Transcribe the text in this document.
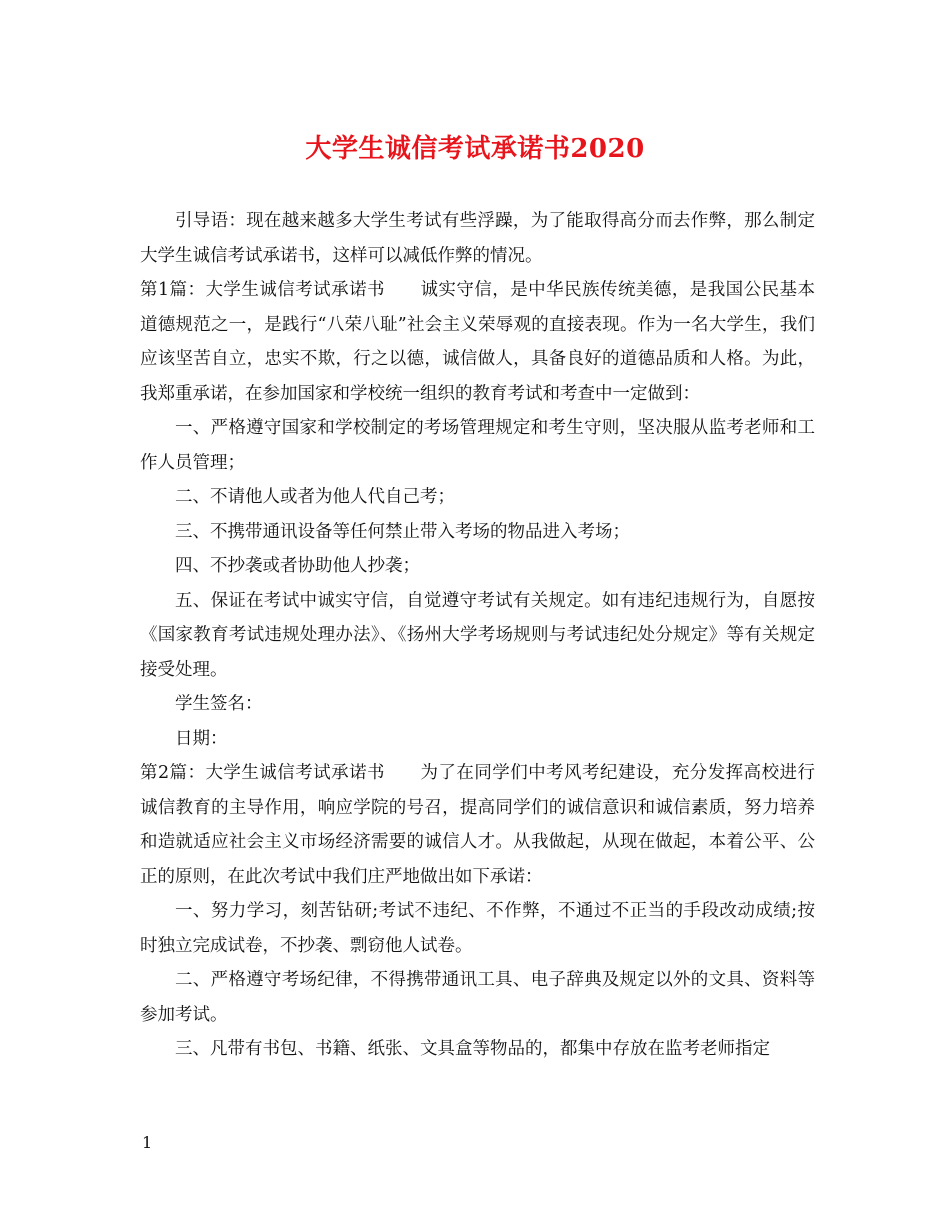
大学生诚信考试承诺书2020

引导语：现在越来越多大学生考试有些浮躁，为了能取得高分而去作弊，那么制定大学生诚信考试承诺书，这样可以减低作弊的情况。

第1篇：大学生诚信考试承诺书 诚实守信，是中华民族传统美德，是我国公民基本道德规范之一，是践行“八荣八耻”社会主义荣辱观的直接表现。作为一名大学生，我们应该坚苦自立，忠实不欺，行之以德，诚信做人，具备良好的道德品质和人格。为此，我郑重承诺，在参加国家和学校统一组织的教育考试和考查中一定做到：

一、严格遵守国家和学校制定的考场管理规定和考生守则，坚决服从监考老师和工作人员管理；

二、不请他人或者为他人代自己考；

三、不携带通讯设备等任何禁止带入考场的物品进入考场；

四、不抄袭或者协助他人抄袭；

五、保证在考试中诚实守信，自觉遵守考试有关规定。如有违纪违规行为，自愿按《国家教育考试违规处理办法》、《扬州大学考场规则与考试违纪处分规定》等有关规定接受处理。

学生签名：

日期：

第2篇：大学生诚信考试承诺书 为了在同学们中考风考纪建设，充分发挥高校进行诚信教育的主导作用，响应学院的号召，提高同学们的诚信意识和诚信素质，努力培养和造就适应社会主义市场经济需要的诚信人才。从我做起，从现在做起，本着公平、公正的原则，在此次考试中我们庄严地做出如下承诺：

一、努力学习，刻苦钻研;考试不违纪、不作弊，不通过不正当的手段改动成绩;按时独立完成试卷，不抄袭、剽窃他人试卷。

二、严格遵守考场纪律，不得携带通讯工具、电子辞典及规定以外的文具、资料等参加考试。

三、凡带有书包、书籍、纸张、文具盒等物品的，都集中存放在监考老师指定

1
